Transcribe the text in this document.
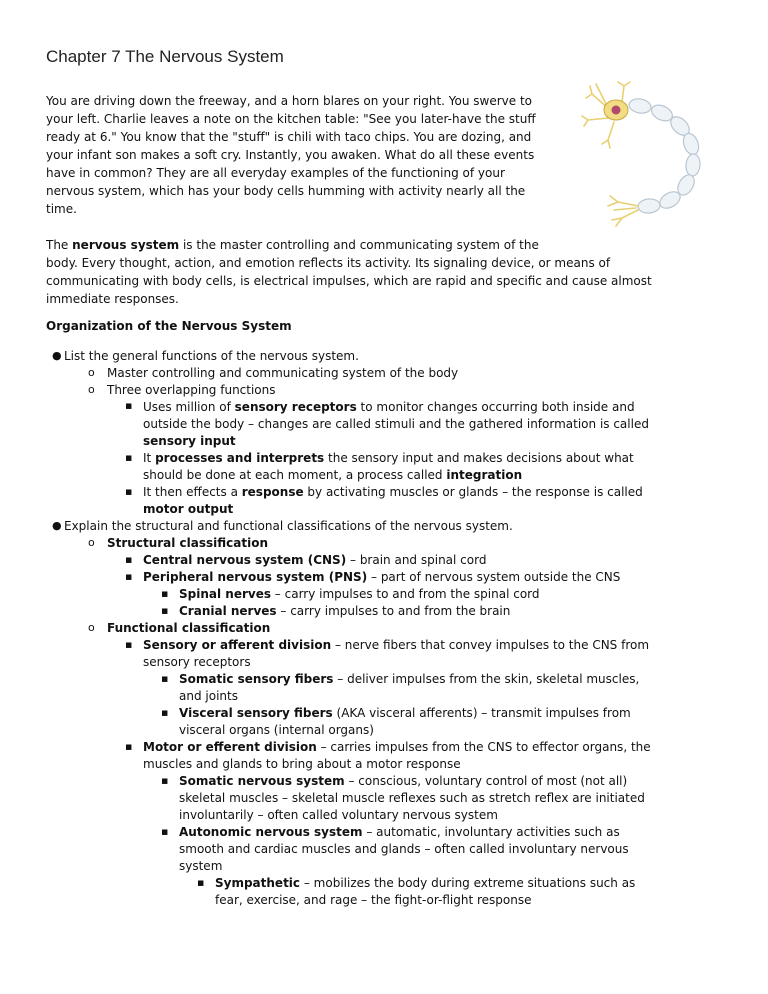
Chapter 7 The Nervous System
You are driving down the freeway, and a horn blares on your right. You swerve to
your left. Charlie leaves a note on the kitchen table: "See you later-have the stuff
ready at 6." You know that the "stuff" is chili with taco chips. You are dozing, and
your infant son makes a soft cry. Instantly, you awaken. What do all these events
have in common? They are all everyday examples of the functioning of your
nervous system, which has your body cells humming with activity nearly all the
time.
The nervous system is the master controlling and communicating system of the
body. Every thought, action, and emotion reflects its activity. Its signaling device, or means of
communicating with body cells, is electrical impulses, which are rapid and specific and cause almost
immediate responses.
Organization of the Nervous System
● List the general functions of the nervous system.
o Master controlling and communicating system of the body
o Three overlapping functions
▪ Uses million of sensory receptors to monitor changes occurring both inside and
outside the body – changes are called stimuli and the gathered information is called
sensory input
▪ It processes and interprets the sensory input and makes decisions about what
should be done at each moment, a process called integration
▪ It then effects a response by activating muscles or glands – the response is called
motor output
● Explain the structural and functional classifications of the nervous system.
o Structural classification
▪ Central nervous system (CNS) – brain and spinal cord
▪ Peripheral nervous system (PNS) – part of nervous system outside the CNS
▪ Spinal nerves – carry impulses to and from the spinal cord
▪ Cranial nerves – carry impulses to and from the brain
o Functional classification
▪ Sensory or afferent division – nerve fibers that convey impulses to the CNS from
sensory receptors
▪ Somatic sensory fibers – deliver impulses from the skin, skeletal muscles,
and joints
▪ Visceral sensory fibers (AKA visceral afferents) – transmit impulses from
visceral organs (internal organs)
▪ Motor or efferent division – carries impulses from the CNS to effector organs, the
muscles and glands to bring about a motor response
▪ Somatic nervous system – conscious, voluntary control of most (not all)
skeletal muscles – skeletal muscle reflexes such as stretch reflex are initiated
involuntarily – often called voluntary nervous system
▪ Autonomic nervous system – automatic, involuntary activities such as
smooth and cardiac muscles and glands – often called involuntary nervous
system
▪ Sympathetic – mobilizes the body during extreme situations such as
fear, exercise, and rage – the fight-or-flight response
